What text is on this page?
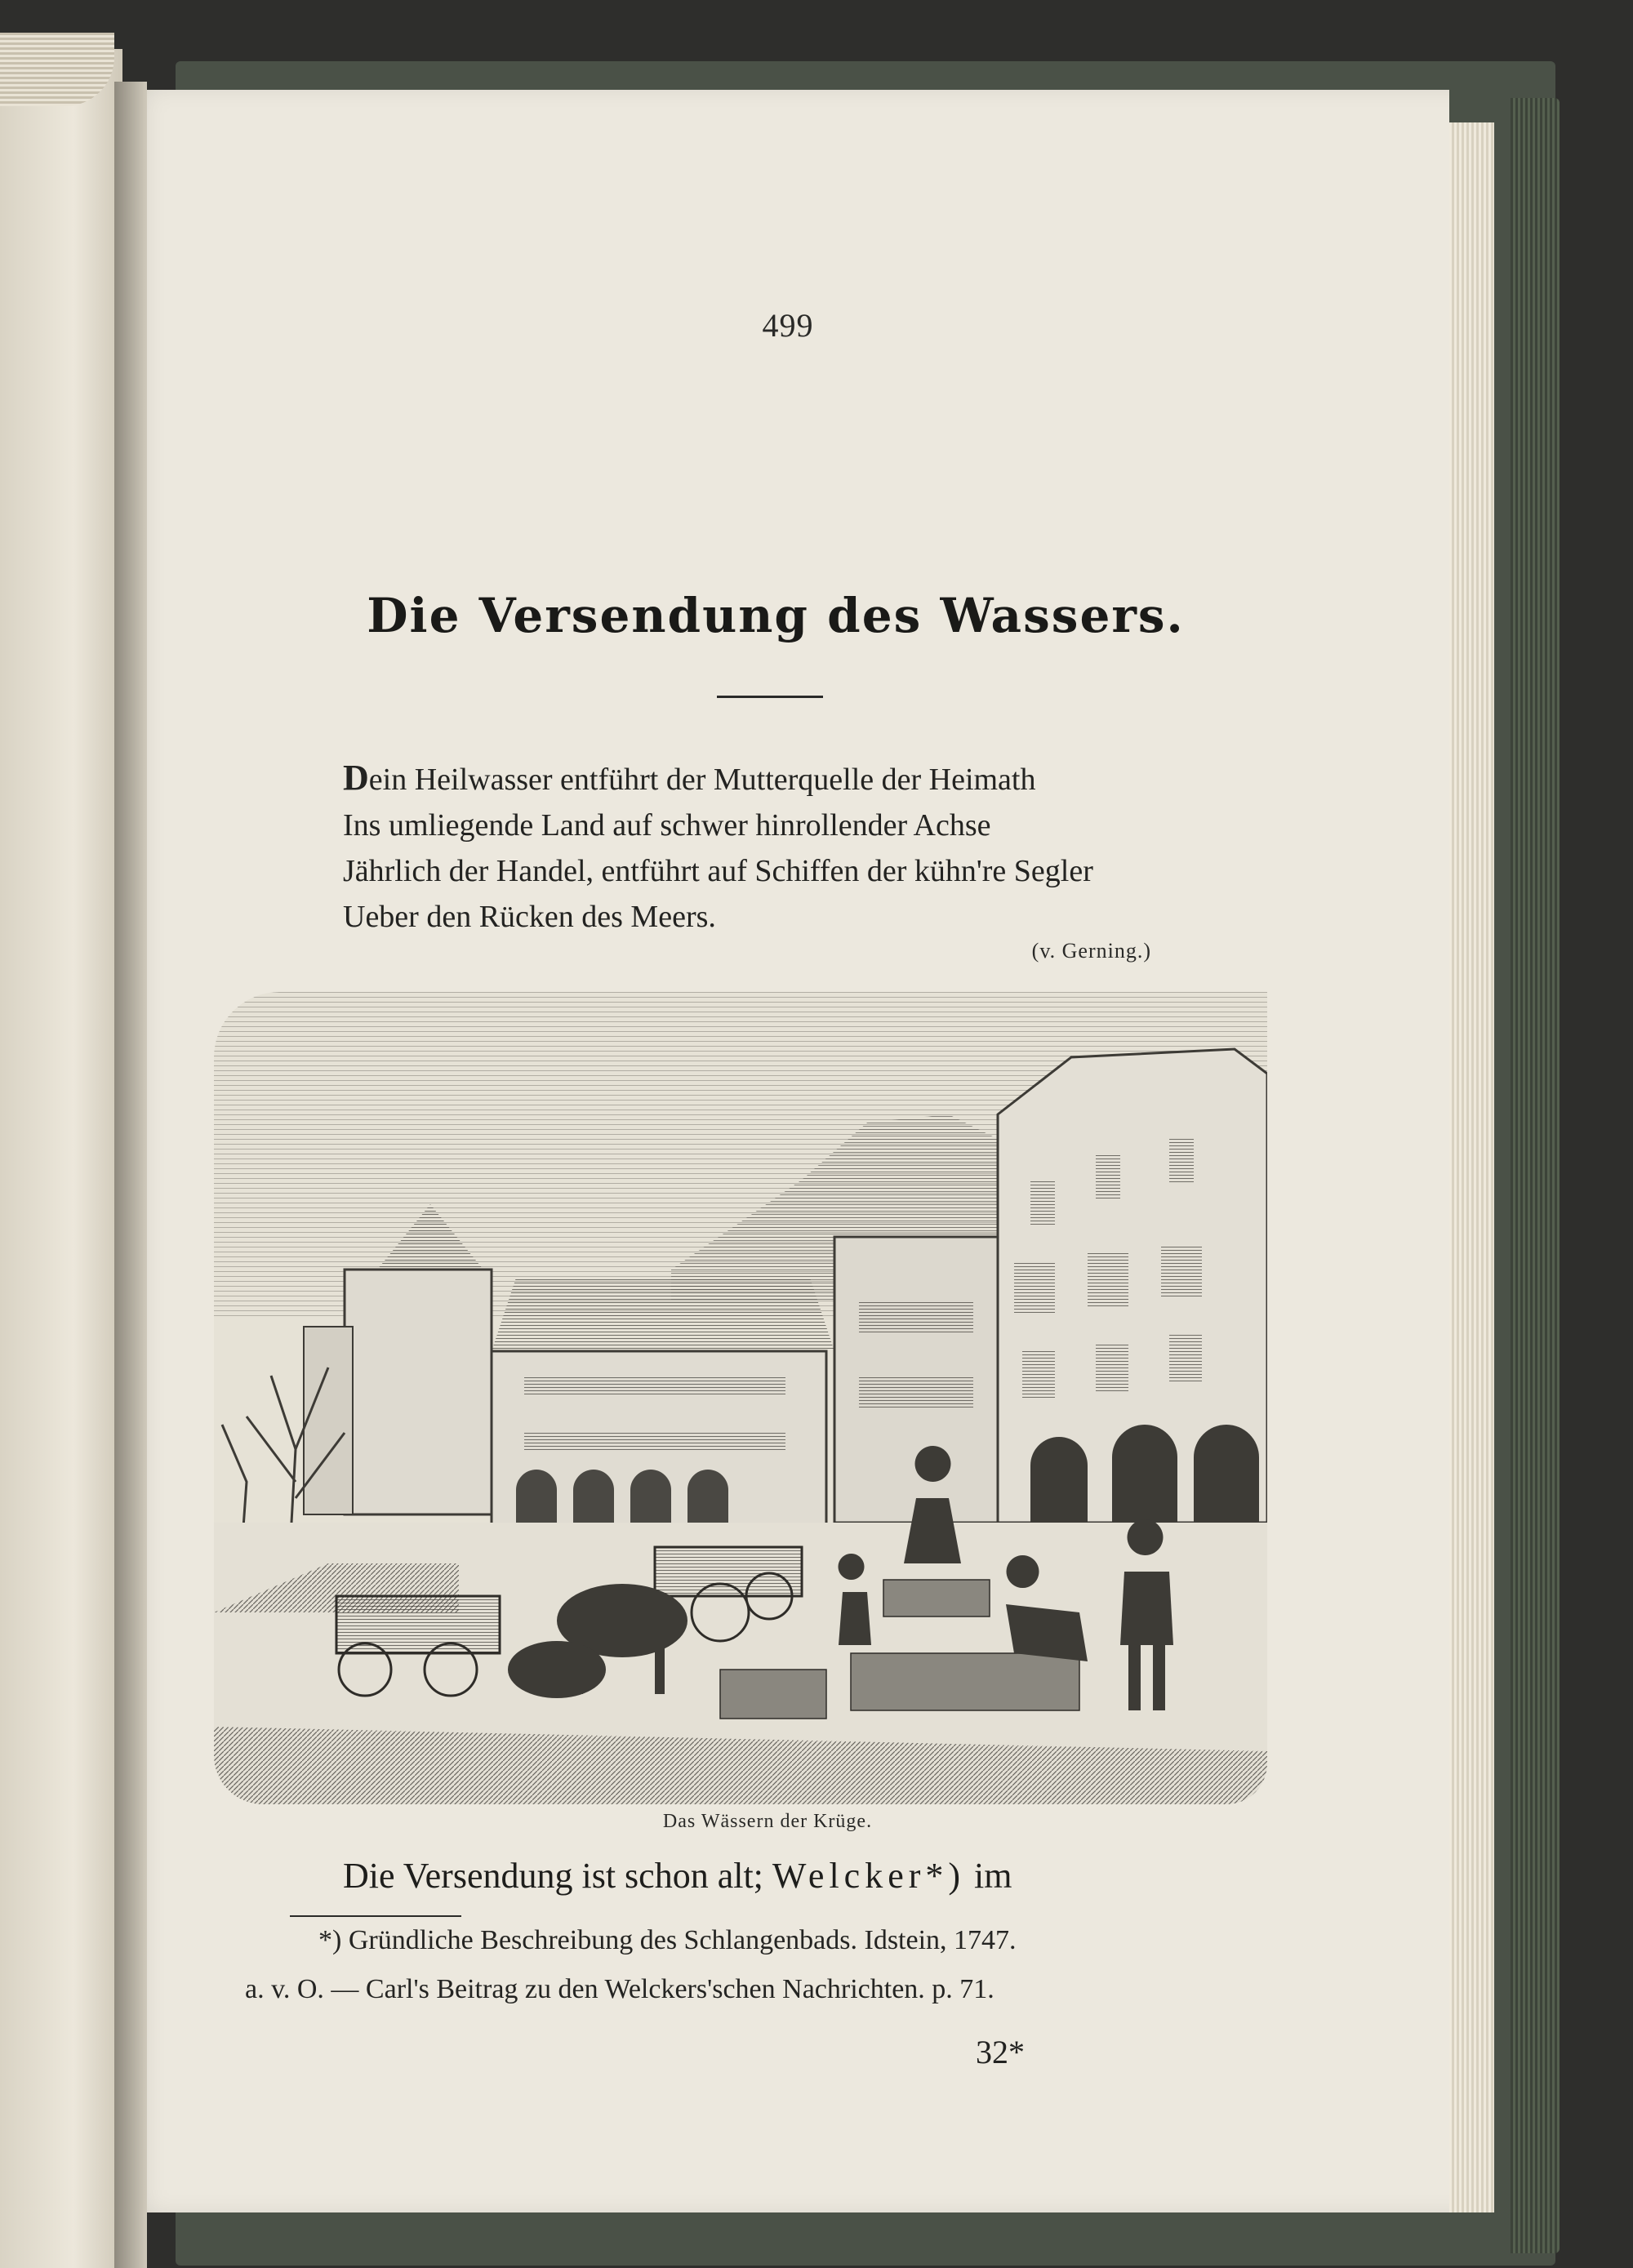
499
Die Versendung des Wassers.
Dein Heilwasser entführt der Mutterquelle der Heimath
Ins umliegende Land auf schwer hinrollender Achse
Jährlich der Handel, entführt auf Schiffen der kühn're Segler
Ueber den Rücken des Meers.
(v. Gerning.)
Das Wässern der Krüge.
Die Versendung ist schon alt; Welcker*) im
*) Gründliche Beschreibung des Schlangenbads. Idstein, 1747.
a. v. O. — Carl's Beitrag zu den Welckers'schen Nachrichten. p. 71.
32*
